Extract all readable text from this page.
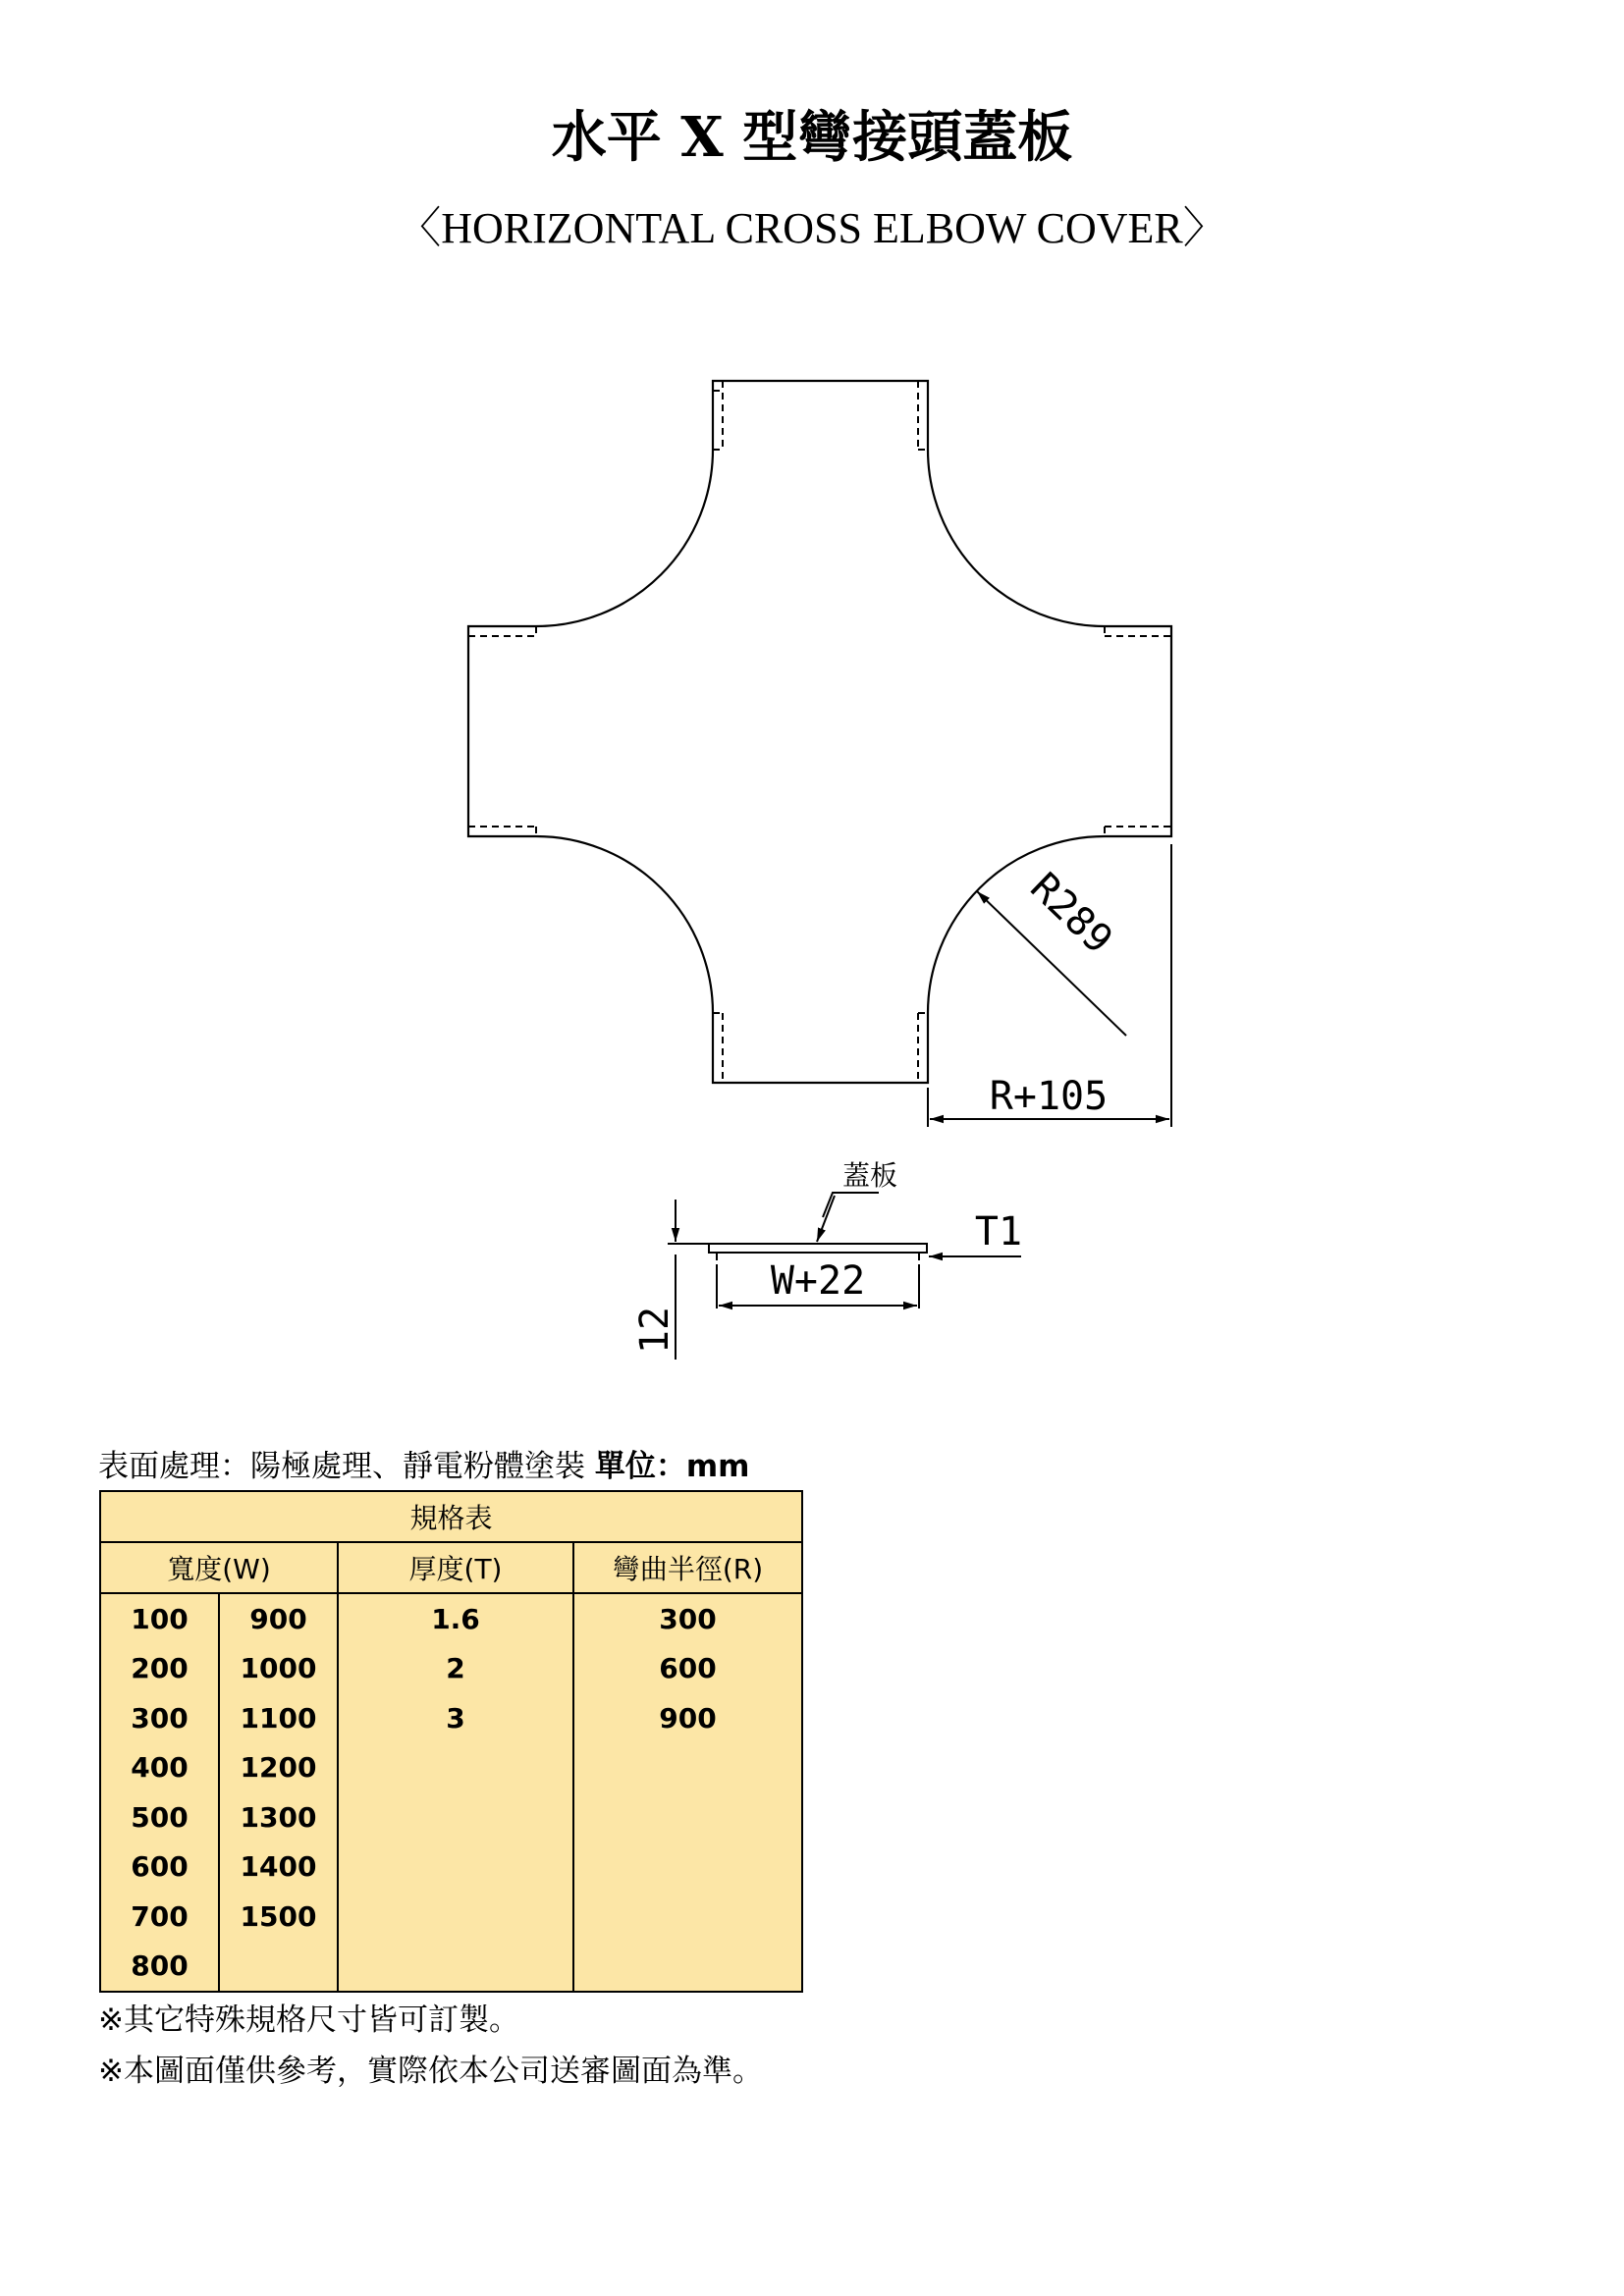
水平 X 型彎接頭蓋板
〈HORIZONTAL CROSS ELBOW COVER〉
R289
R+105
蓋板
W+22
T1
12
表面處理：陽極處理、靜電粉體塗裝 單位：mm
規格表			
寬度(W)		厚度(T)	彎曲半徑(R)
100	900	1.6	300
200	1000	2	600
300	1100	3	900
400	1200		
500	1300		
600	1400		
700	1500		
800			
※其它特殊規格尺寸皆可訂製。
※本圖面僅供參考，實際依本公司送審圖面為準。
